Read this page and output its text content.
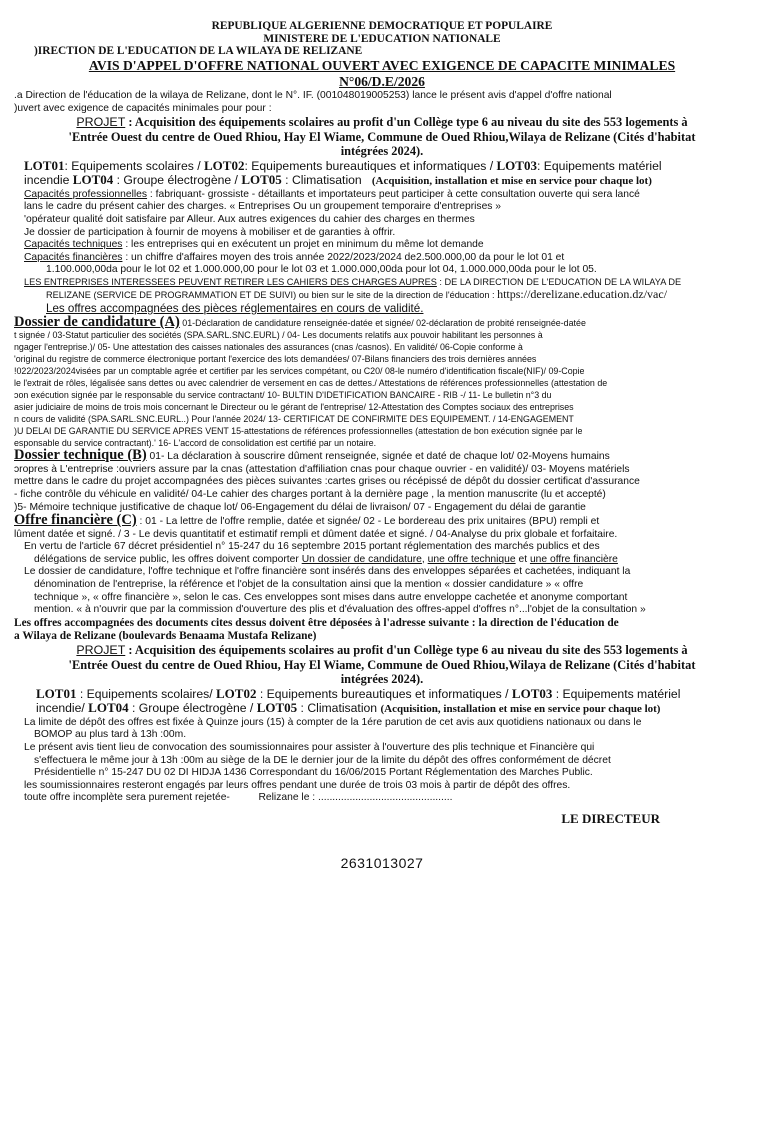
REPUBLIQUE ALGERIENNE DEMOCRATIQUE ET POPULAIRE
MINISTERE DE L'EDUCATION NATIONALE
)IRECTION DE L'EDUCATION DE LA WILAYA DE RELIZANE
AVIS D'APPEL D'OFFRE NATIONAL OUVERT AVEC EXIGENCE DE CAPACITE MINIMALES
N°06/D.E/2026
.a Direction de l'éducation de la wilaya de Relizane, dont le N°. IF. (001048019005253) lance le présent avis d'appel d'offre national
)uvert avec exigence de capacités minimales pour pour :
PROJET : Acquisition des équipements scolaires au profit d'un Collège type 6 au niveau du site des 553 logements à
'Entrée Ouest du centre de Oued Rhiou, Hay El Wiame, Commune de Oued Rhiou,Wilaya de Relizane (Cités d'habitat
intégrées 2024).
LOT01: Equipements scolaires / LOT02: Equipements bureautiques et informatiques / LOT03: Equipements matériel
incendie LOT04 : Groupe électrogène / LOT05 : Climatisation (Acquisition, installation et mise en service pour chaque lot)
Capacités professionnelles : fabriquant- grossiste - détaillants et importateurs peut participer à cette consultation ouverte qui sera lancé
lans le cadre du présent cahier des charges. « Entreprises Ou un groupement temporaire d'entreprises »
'opérateur qualité doit satisfaire par Alleur. Aux autres exigences du cahier des charges en thermes
Je dossier de participation à fournir de moyens à mobiliser et de garanties à offrir.
Capacités techniques : les entreprises qui en exécutent un projet en minimum du même lot demande
Capacités financières : un chiffre d'affaires moyen des trois année 2022/2023/2024 de2.500.000,00 da pour le lot 01 et
1.100.000,00da pour le lot 02 et 1.000.000,00 pour le lot 03 et 1.000.000,00da pour lot 04, 1.000.000,00da pour le lot 05.
LES ENTREPRISES INTERESSEES PEUVENT RETIRER LES CAHIERS DES CHARGES AUPRES : DE LA DIRECTION DE L'EDUCATION DE LA WILAYA DE
RELIZANE (SERVICE DE PROGRAMMATION ET DE SUIVI) ou bien sur le site de la direction de l'éducation : https://derelizane.education.dz/vac/
Les offres accompagnées des pièces réglementaires en cours de validité.
Dossier de candidature (A) 01-Déclaration de candidature renseignée-datée et signée/ 02-déclaration de probité renseignée-datée
t signée / 03-Statut particulier des sociétés (SPA.SARL.SNC.EURL) / 04- Les documents relatifs aux pouvoir habilitant les personnes à
ngager l'entreprise.)/ 05- Une attestation des caisses nationales des assurances (cnas /casnos). En validité/ 06-Copie conforme à
'original du registre de commerce électronique portant l'exercice des lots demandées/ 07-Bilans financiers des trois dernières années
!022/2023/2024visées par un comptable agrée et certifier par les services compétant, ou C20/ 08-le numéro d'identification fiscale(NIF)/ 09-Copie
le l'extrait de rôles, légalisée sans dettes ou avec calendrier de versement en cas de dettes./ Attestations de références professionnelles (attestation de
ɔon exécution signée par le responsable du service contractant/ 10- BULTIN D'IDETIFICATION BANCAIRE - RIB -/ 11- Le bulletin n°3 du
asier judiciaire de moins de trois mois concernant le Directeur ou le gérant de l'entreprise/ 12-Attestation des Comptes sociaux des entreprises
n cours de validité (SPA.SARL.SNC.EURL..) Pour l'année 2024/ 13- CERTIFICAT DE CONFIRMITE DES EQUIPEMENT. / 14-ENGAGEMENT
)U DELAI DE GARANTIE DU SERVICE APRES VENT 15-attestations de références professionnelles (attestation de bon exécution signée par le
esponsable du service contractant).' 16- L'accord de consolidation est certifié par un notaire.
Dossier technique (B) 01- La déclaration à souscrire dûment renseignée, signée et daté de chaque lot/ 02-Moyens humains
ɔropres à L'entreprise :ouvriers assure par la cnas (attestation d'affiliation cnas pour chaque ouvrier - en validité)/ 03- Moyens matériels
mettre dans le cadre du projet accompagnées des pièces suivantes :cartes grises ou récépissé de dépôt du dossier certificat d'assurance
- fiche contrôle du véhicule en validité/ 04-Le cahier des charges portant à la dernière page , la mention manuscrite (lu et accepté)
)5- Mémoire technique justificative de chaque lot/ 06-Engagement du délai de livraison/ 07 - Engagement du délai de garantie
Offre financière (C) : 01 - La lettre de l'offre remplie, datée et signée/ 02 - Le bordereau des prix unitaires (BPU) rempli et
lûment datée et signé. / 3 - Le devis quantitatif et estimatif rempli et dûment datée et signé. / 04-Analyse du prix globale et forfaitaire.
En vertu de l'article 67 décret présidentiel n° 15-247 du 16 septembre 2015 portant réglementation des marchés publics et des
délégations de service public, les offres doivent comporter Un dossier de candidature, une offre technique et une offre financière
Le dossier de candidature, l'offre technique et l'offre financière sont insérés dans des enveloppes séparées et cachetées, indiquant la
dénomination de l'entreprise, la référence et l'objet de la consultation ainsi que la mention « dossier candidature » « offre
technique », « offre financière », selon le cas. Ces enveloppes sont mises dans autre enveloppe cachetée et anonyme comportant
mention. « à n'ouvrir que par la commission d'ouverture des plis et d'évaluation des offres-appel d'offres n°...l'objet de la consultation »
Les offres accompagnées des documents cites dessus doivent être déposées à l'adresse suivante : la direction de l'éducation de
a Wilaya de Relizane (boulevards Benaama Mustafa Relizane)
PROJET : Acquisition des équipements scolaires au profit d'un Collège type 6 au niveau du site des 553 logements à
'Entrée Ouest du centre de Oued Rhiou, Hay El Wiame, Commune de Oued Rhiou,Wilaya de Relizane (Cités d'habitat
intégrées 2024).
LOT01 : Equipements scolaires/ LOT02 : Equipements bureautiques et informatiques / LOT03 : Equipements matériel
incendie/ LOT04 : Groupe électrogène / LOT05 : Climatisation (Acquisition, installation et mise en service pour chaque lot)
La limite de dépôt des offres est fixée à Quinze jours (15) à compter de la 1ére parution de cet avis aux quotidiens nationaux ou dans le
BOMOP au plus tard à 13h :00m.
Le présent avis tient lieu de convocation des soumissionnaires pour assister à l'ouverture des plis technique et Financière qui
s'effectuera le même jour à 13h :00m au siège de la DE le dernier jour de la limite du dépôt des offres conformément de décret
Présidentielle n° 15-247 DU 02 DI HIDJA 1436 Correspondant du 16/06/2015 Portant Réglementation des Marches Public.
les soumissionnaires resteront engagés par leurs offres pendant une durée de trois 03 mois à partir de dépôt des offres.
toute offre incomplète sera purement rejetée-	Relizane le : ...............................................
LE DIRECTEUR
2631013027
